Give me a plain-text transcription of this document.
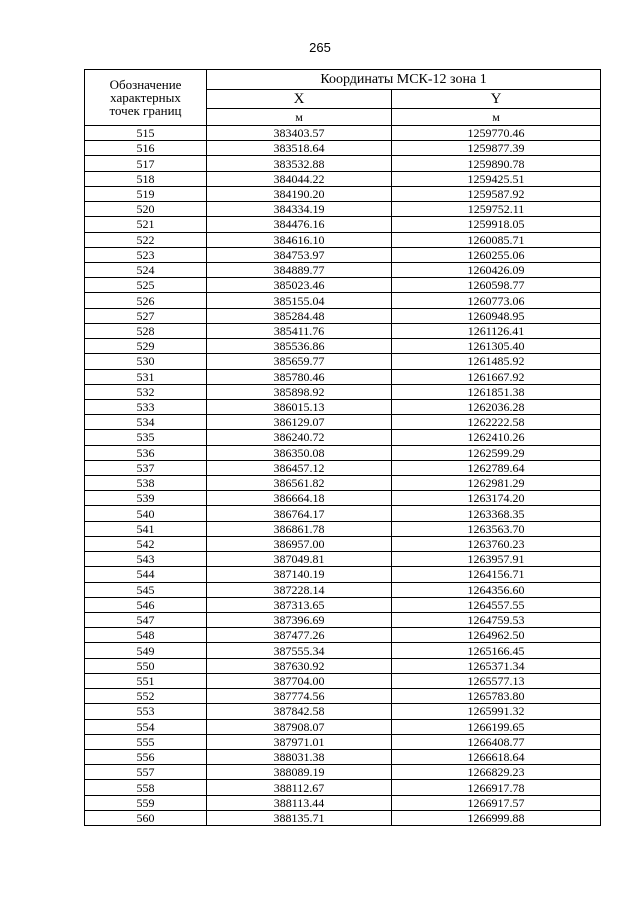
265
Обозначение
характерных
точек границ	Координаты МСК-12 зона 1	
	X	Y
	м	м
515	383403.57	1259770.46
516	383518.64	1259877.39
517	383532.88	1259890.78
518	384044.22	1259425.51
519	384190.20	1259587.92
520	384334.19	1259752.11
521	384476.16	1259918.05
522	384616.10	1260085.71
523	384753.97	1260255.06
524	384889.77	1260426.09
525	385023.46	1260598.77
526	385155.04	1260773.06
527	385284.48	1260948.95
528	385411.76	1261126.41
529	385536.86	1261305.40
530	385659.77	1261485.92
531	385780.46	1261667.92
532	385898.92	1261851.38
533	386015.13	1262036.28
534	386129.07	1262222.58
535	386240.72	1262410.26
536	386350.08	1262599.29
537	386457.12	1262789.64
538	386561.82	1262981.29
539	386664.18	1263174.20
540	386764.17	1263368.35
541	386861.78	1263563.70
542	386957.00	1263760.23
543	387049.81	1263957.91
544	387140.19	1264156.71
545	387228.14	1264356.60
546	387313.65	1264557.55
547	387396.69	1264759.53
548	387477.26	1264962.50
549	387555.34	1265166.45
550	387630.92	1265371.34
551	387704.00	1265577.13
552	387774.56	1265783.80
553	387842.58	1265991.32
554	387908.07	1266199.65
555	387971.01	1266408.77
556	388031.38	1266618.64
557	388089.19	1266829.23
558	388112.67	1266917.78
559	388113.44	1266917.57
560	388135.71	1266999.88
